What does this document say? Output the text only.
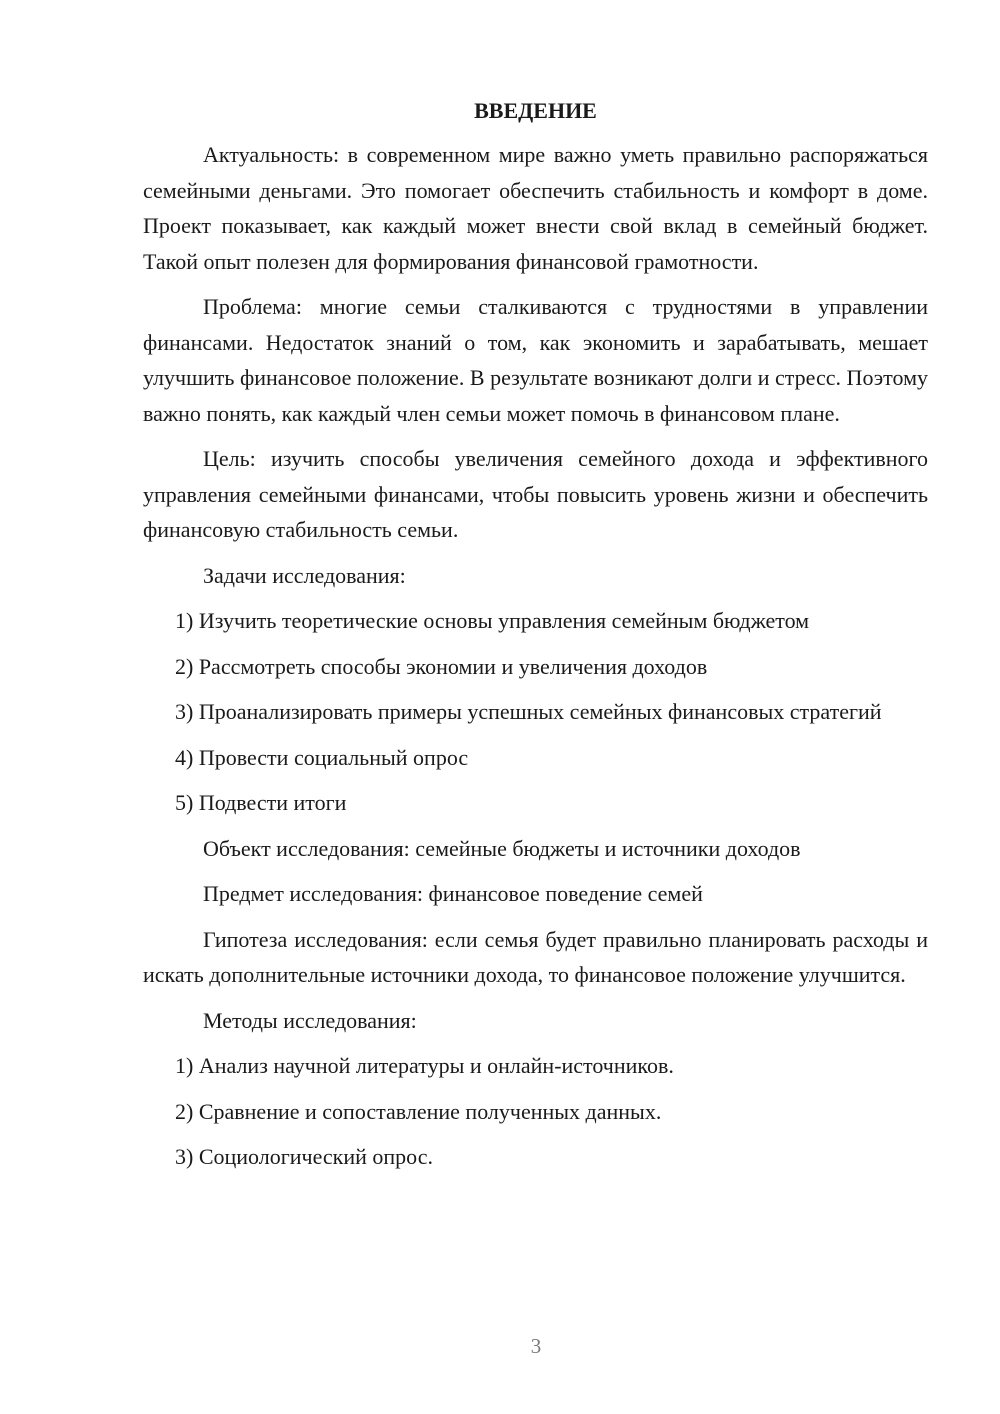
ВВЕДЕНИЕ

Актуальность: в современном мире важно уметь правильно распоряжаться семейными деньгами. Это помогает обеспечить стабильность и комфорт в доме. Проект показывает, как каждый может внести свой вклад в семейный бюджет. Такой опыт полезен для формирования финансовой грамотности.

Проблема: многие семьи сталкиваются с трудностями в управлении финансами. Недостаток знаний о том, как экономить и зарабатывать, мешает улучшить финансовое положение. В результате возникают долги и стресс. Поэтому важно понять, как каждый член семьи может помочь в финансовом плане.

Цель: изучить способы увеличения семейного дохода и эффективного управления семейными финансами, чтобы повысить уровень жизни и обеспечить финансовую стабильность семьи.

Задачи исследования:

1) Изучить теоретические основы управления семейным бюджетом

2) Рассмотреть способы экономии и увеличения доходов

3) Проанализировать примеры успешных семейных финансовых стратегий

4) Провести социальный опрос

5) Подвести итоги

Объект исследования: семейные бюджеты и источники доходов

Предмет исследования: финансовое поведение семей

Гипотеза исследования: если семья будет правильно планировать расходы и искать дополнительные источники дохода, то финансовое положение улучшится.

Методы исследования:

1) Анализ научной литературы и онлайн-источников.

2) Сравнение и сопоставление полученных данных.

3) Социологический опрос.

3
